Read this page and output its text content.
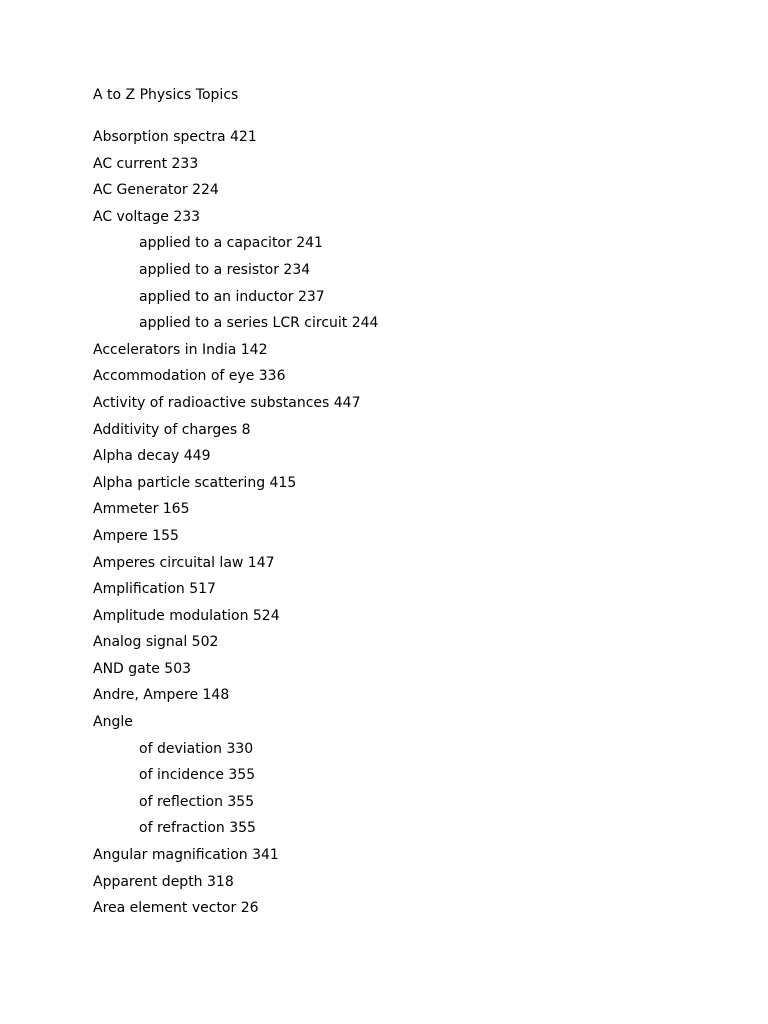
A to Z Physics Topics
Absorption spectra 421
AC current 233
AC Generator 224
AC voltage 233
applied to a capacitor 241
applied to a resistor 234
applied to an inductor 237
applied to a series LCR circuit 244
Accelerators in India 142
Accommodation of eye 336
Activity of radioactive substances 447
Additivity of charges 8
Alpha decay 449
Alpha particle scattering 415
Ammeter 165
Ampere 155
Amperes circuital law 147
Amplification 517
Amplitude modulation 524
Analog signal 502
AND gate 503
Andre, Ampere 148
Angle
of deviation 330
of incidence 355
of reflection 355
of refraction 355
Angular magnification 341
Apparent depth 318
Area element vector 26
